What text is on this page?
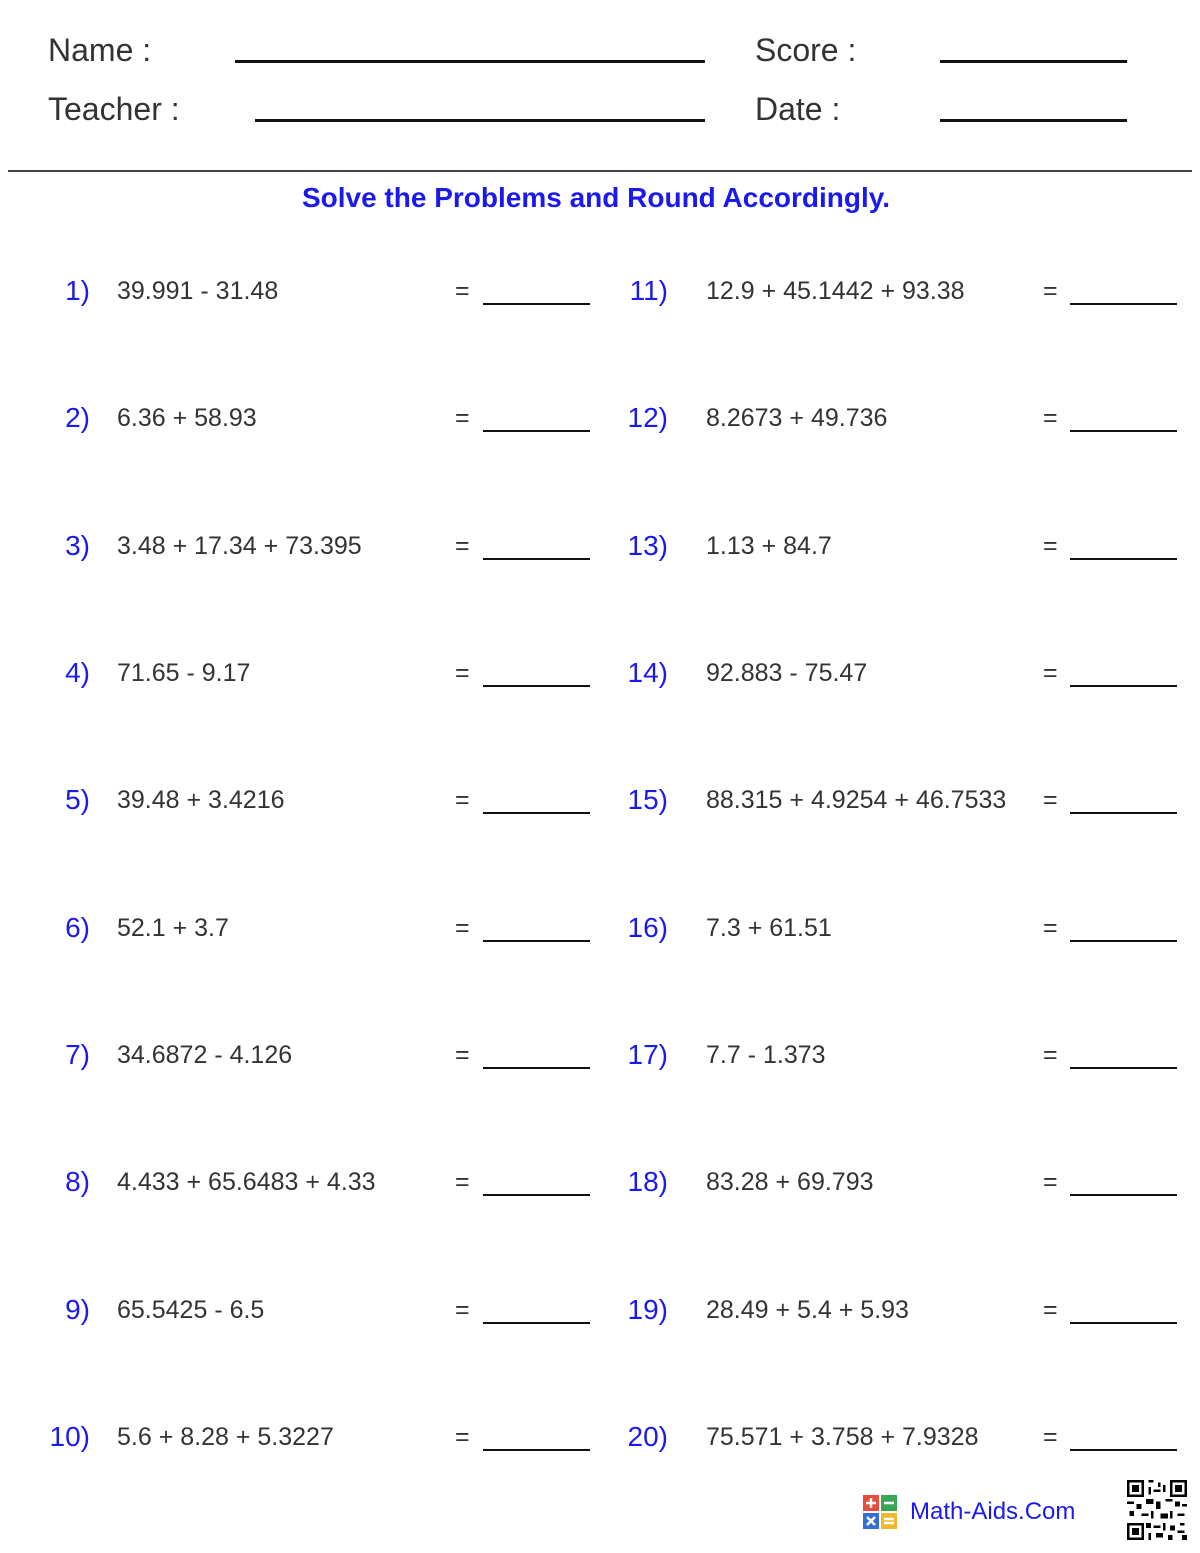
Name :	Score :
Teacher :	Date :
Solve the Problems and Round Accordingly.
1) 39.991 - 31.48	=
2) 6.36 + 58.93	=
3) 3.48 + 17.34 + 73.395	=
4) 71.65 - 9.17	=
5) 39.48 + 3.4216	=
6) 52.1 + 3.7	=
7) 34.6872 - 4.126	=
8) 4.433 + 65.6483 + 4.33	=
9) 65.5425 - 6.5	=
10) 5.6 + 8.28 + 5.3227	=
11) 12.9 + 45.1442 + 93.38	=
12) 8.2673 + 49.736	=
13) 1.13 + 84.7	=
14) 92.883 - 75.47	=
15) 88.315 + 4.9254 + 46.7533 =
16) 7.3 + 61.51	=
17) 7.7 - 1.373	=
18) 83.28 + 69.793	=
19) 28.49 + 5.4 + 5.93	=
20) 75.571 + 3.758 + 7.9328	=
Math-Aids.Com
